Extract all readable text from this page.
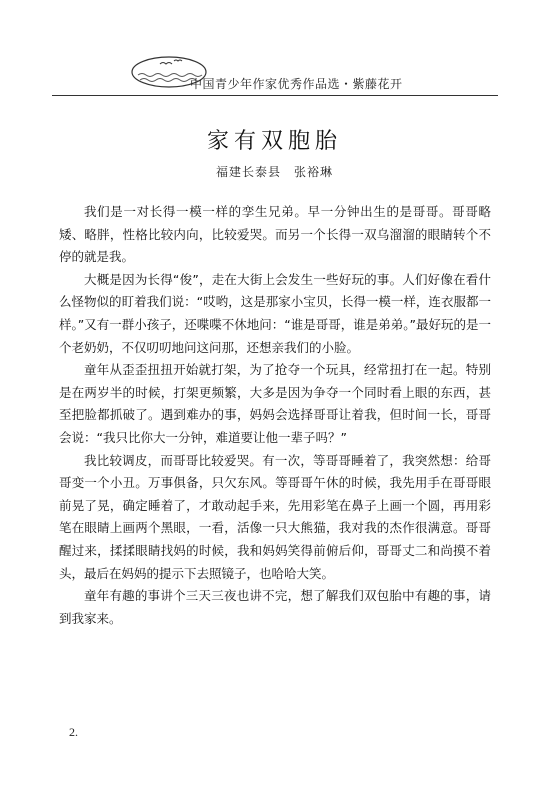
中国青少年作家优秀作品选・紫藤花开
家有双胞胎
福建长泰县　张裕琳

我们是一对长得一模一样的孪生兄弟。早一分钟出生的是哥哥。哥哥略矮、略胖，性格比较内向，比较爱哭。而另一个长得一双乌溜溜的眼睛转个不停的就是我。

大概是因为长得“俊”，走在大街上会发生一些好玩的事。人们好像在看什么怪物似的盯着我们说：“哎哟，这是那家小宝贝，长得一模一样，连衣服都一样。”又有一群小孩子，还喋喋不休地问：“谁是哥哥，谁是弟弟。”最好玩的是一个老奶奶，不仅叨叨地问这问那，还想亲我们的小脸。

童年从歪歪扭扭开始就打架，为了抢夺一个玩具，经常扭打在一起。特别是在两岁半的时候，打架更频繁，大多是因为争夺一个同时看上眼的东西，甚至把脸都抓破了。遇到难办的事，妈妈会选择哥哥让着我，但时间一长，哥哥会说：“我只比你大一分钟，难道要让他一辈子吗？”

我比较调皮，而哥哥比较爱哭。有一次，等哥哥睡着了，我突然想：给哥哥变一个小丑。万事俱备，只欠东风。等哥哥午休的时候，我先用手在哥哥眼前晃了晃，确定睡着了，才敢动起手来，先用彩笔在鼻子上画一个圆，再用彩笔在眼睛上画两个黑眼，一看，活像一只大熊猫，我对我的杰作很满意。哥哥醒过来，揉揉眼睛找妈的时候，我和妈妈笑得前俯后仰，哥哥丈二和尚摸不着头，最后在妈妈的提示下去照镜子，也哈哈大笑。

童年有趣的事讲个三天三夜也讲不完，想了解我们双包胎中有趣的事，请到我家来。

2.
